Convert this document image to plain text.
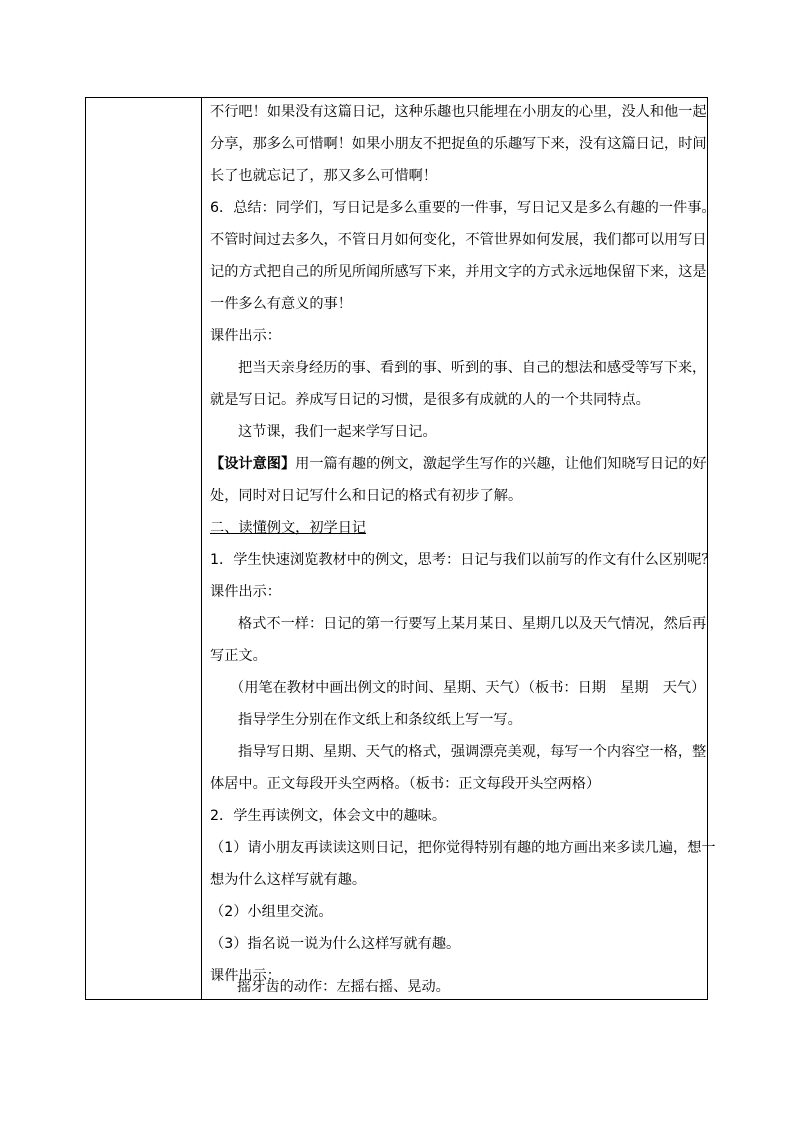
不行吧！如果没有这篇日记，这种乐趣也只能埋在小朋友的心里，没人和他一起
分享，那多么可惜啊！如果小朋友不把捉鱼的乐趣写下来，没有这篇日记，时间
长了也就忘记了，那又多么可惜啊！
6．总结：同学们，写日记是多么重要的一件事，写日记又是多么有趣的一件事。
不管时间过去多久，不管日月如何变化，不管世界如何发展，我们都可以用写日
记的方式把自己的所见所闻所感写下来，并用文字的方式永远地保留下来，这是
一件多么有意义的事！
课件出示：
把当天亲身经历的事、看到的事、听到的事、自己的想法和感受等写下来，
就是写日记。养成写日记的习惯，是很多有成就的人的一个共同特点。
这节课，我们一起来学写日记。
【设计意图】用一篇有趣的例文，激起学生写作的兴趣，让他们知晓写日记的好
处，同时对日记写什么和日记的格式有初步了解。
二、读懂例文，初学日记
1．学生快速浏览教材中的例文，思考：日记与我们以前写的作文有什么区别呢？
课件出示：
格式不一样：日记的第一行要写上某月某日、星期几以及天气情况，然后再
写正文。
（用笔在教材中画出例文的时间、星期、天气）（板书：日期　星期　天气）
指导学生分别在作文纸上和条纹纸上写一写。
指导写日期、星期、天气的格式，强调漂亮美观，每写一个内容空一格，整
体居中。正文每段开头空两格。（板书：正文每段开头空两格）
2．学生再读例文，体会文中的趣味。
（1）请小朋友再读读这则日记，把你觉得特别有趣的地方画出来多读几遍，想一
想为什么这样写就有趣。
（2）小组里交流。
（3）指名说一说为什么这样写就有趣。
课件出示：
摇牙齿的动作：左摇右摇、晃动。
